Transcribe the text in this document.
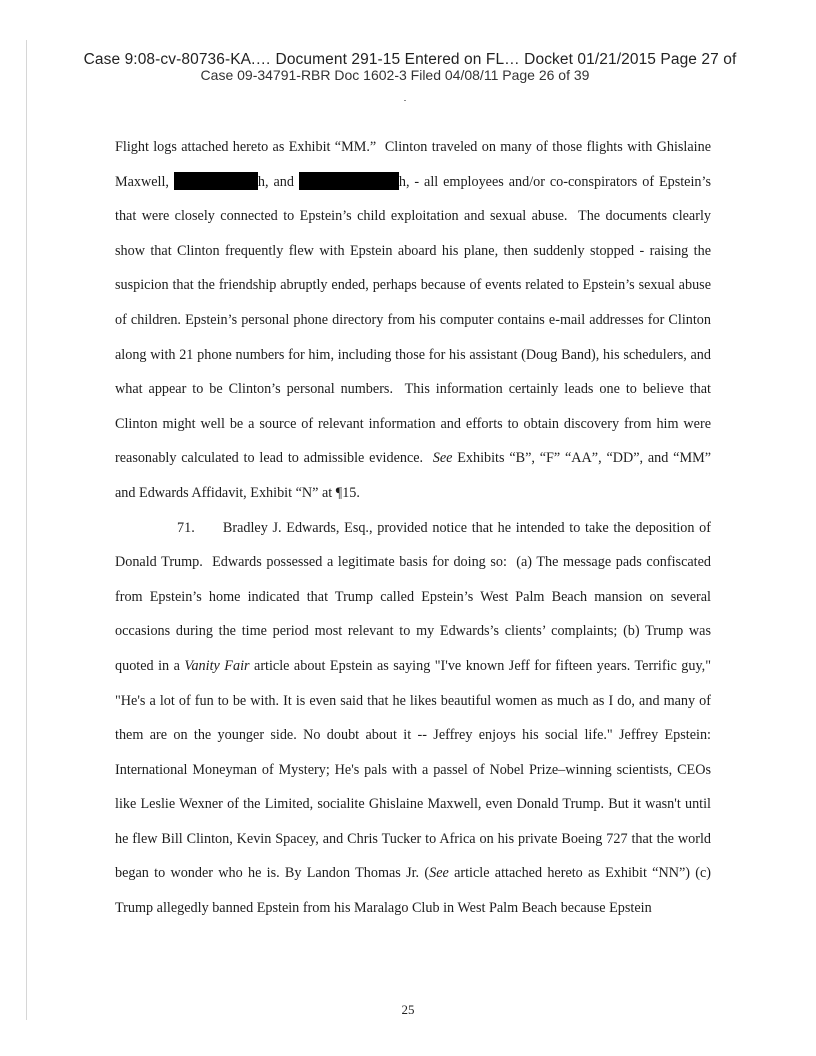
Case 9:08-cv-80736-KA.… Document 291-15 Entered on FL… Docket 01/21/2015 Page 27 of
Case 09-34791-RBR Doc 1602-3 Filed 04/08/11 Page 26 of 39

Flight logs attached hereto as Exhibit “MM.”  Clinton traveled on many of those flights with Ghislaine Maxwell,	h, and	h, - all employees and/or co-conspirators of Epstein’s that were closely connected to Epstein’s child exploitation and sexual abuse.  The documents clearly show that Clinton frequently flew with Epstein aboard his plane, then suddenly stopped - raising the suspicion that the friendship abruptly ended, perhaps because of events related to Epstein’s sexual abuse of children. Epstein’s personal phone directory from his computer contains e-mail addresses for Clinton along with 21 phone numbers for him, including those for his assistant (Doug Band), his schedulers, and what appear to be Clinton’s personal numbers.  This information certainly leads one to believe that Clinton might well be a source of relevant information and efforts to obtain discovery from him were reasonably calculated to lead to admissible evidence.  See Exhibits “B”, “F” “AA”, “DD”, and “MM” and Edwards Affidavit, Exhibit “N” at ¶15.

71. Bradley J. Edwards, Esq., provided notice that he intended to take the deposition of Donald Trump.  Edwards possessed a legitimate basis for doing so:  (a) The message pads confiscated from Epstein’s home indicated that Trump called Epstein’s West Palm Beach mansion on several occasions during the time period most relevant to my Edwards’s clients’ complaints; (b) Trump was quoted in a Vanity Fair article about Epstein as saying "I've known Jeff for fifteen years. Terrific guy," "He's a lot of fun to be with. It is even said that he likes beautiful women as much as I do, and many of them are on the younger side. No doubt about it -- Jeffrey enjoys his social life." Jeffrey Epstein: International Moneyman of Mystery; He's pals with a passel of Nobel Prize–winning scientists, CEOs like Leslie Wexner of the Limited, socialite Ghislaine Maxwell, even Donald Trump. But it wasn't until he flew Bill Clinton, Kevin Spacey, and Chris Tucker to Africa on his private Boeing 727 that the world began to wonder who he is. By Landon Thomas Jr. (See article attached hereto as Exhibit “NN”) (c) Trump allegedly banned Epstein from his Maralago Club in West Palm Beach because Epstein

25
